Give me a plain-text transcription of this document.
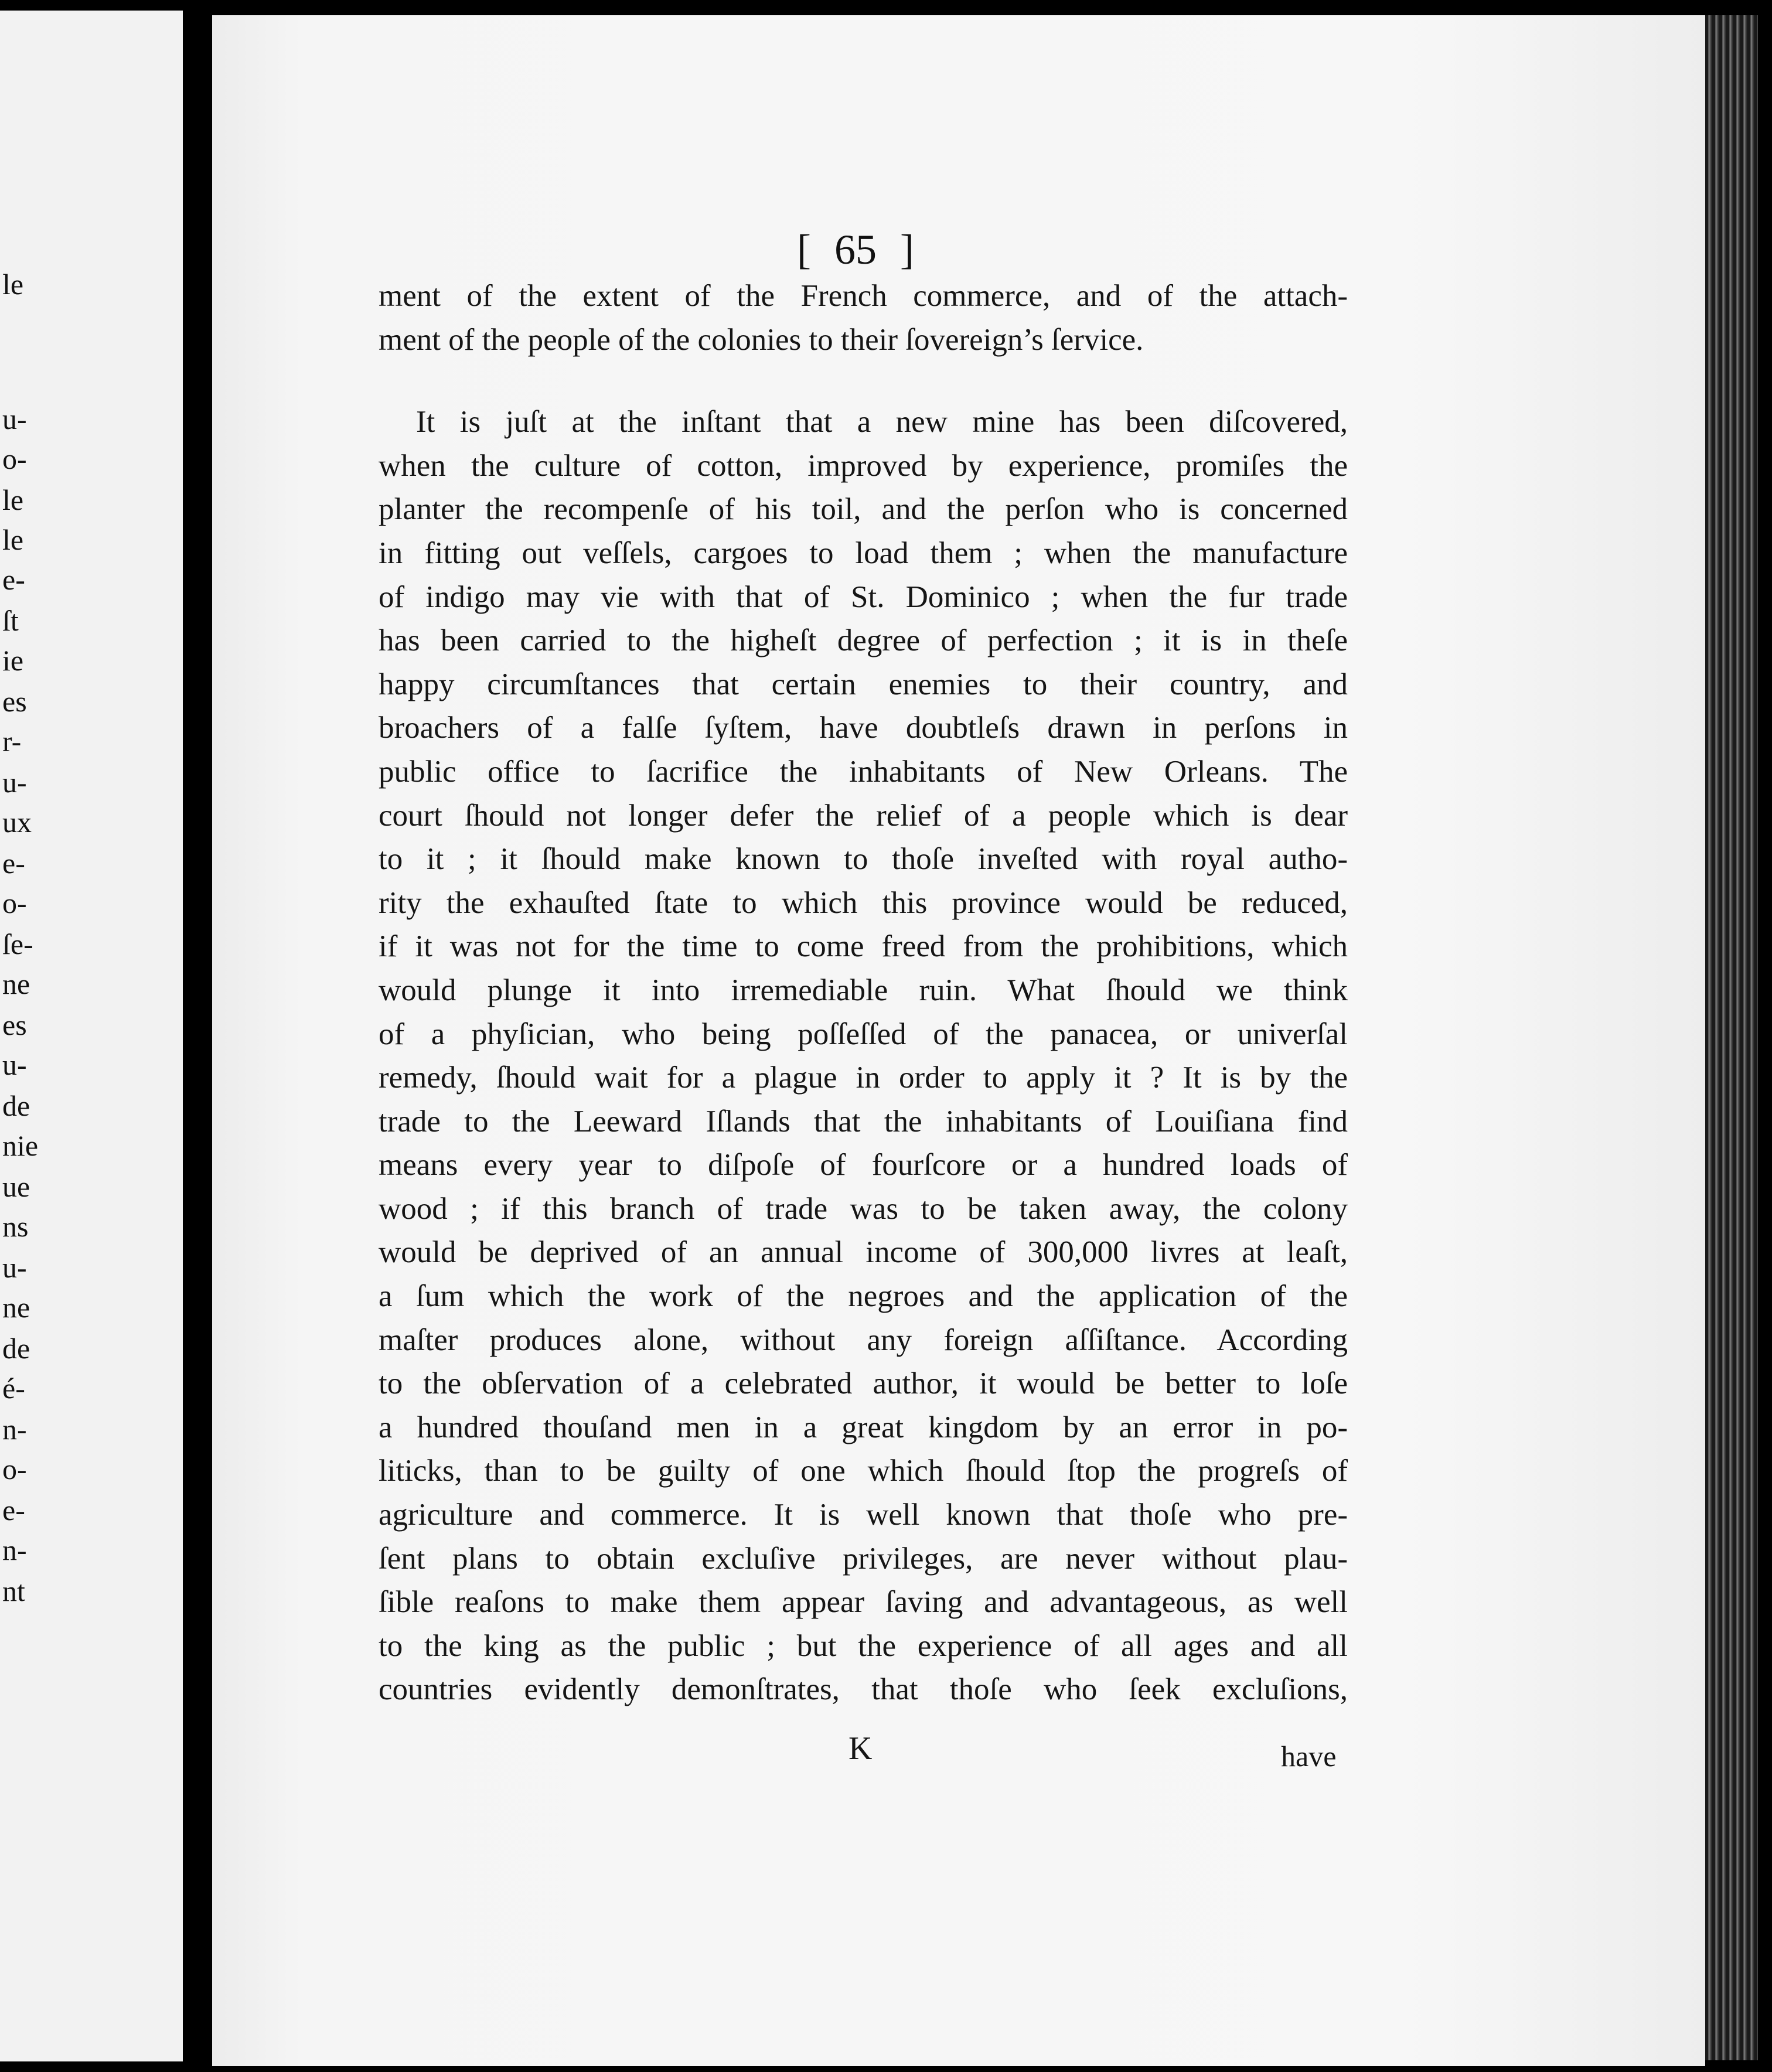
le
u-
o-
le
le
e-
ſt
ie
es
r-
u-
ux
e-
o-
ſe-
ne
es
u-
de
nie
ue
ns
u-
ne
de
é-
n-
o-
e-
n-
nt
[ 65 ]
ment of the extent of the French commerce, and of the attach-
ment of the people of the colonies to their ſovereign’s ſervice.
It is juſt at the inſtant that a new mine has been diſcovered,
when the culture of cotton, improved by experience, promiſes the
planter the recompenſe of his toil, and the perſon who is concerned
in fitting out veſſels, cargoes to load them ; when the manufacture
of indigo may vie with that of St. Dominico ; when the fur trade
has been carried to the higheſt degree of perfection ; it is in theſe
happy circumſtances that certain enemies to their country, and
broachers of a falſe ſyſtem, have doubtleſs drawn in perſons in
public office to ſacrifice the inhabitants of New Orleans. The
court ſhould not longer defer the relief of a people which is dear
to it ; it ſhould make known to thoſe inveſted with royal autho-
rity the exhauſted ſtate to which this province would be reduced,
if it was not for the time to come freed from the prohibitions, which
would plunge it into irremediable ruin. What ſhould we think
of a phyſician, who being poſſeſſed of the panacea, or univerſal
remedy, ſhould wait for a plague in order to apply it ? It is by the
trade to the Leeward Iſlands that the inhabitants of Louiſiana find
means every year to diſpoſe of fourſcore or a hundred loads of
wood ; if this branch of trade was to be taken away, the colony
would be deprived of an annual income of 300,000 livres at leaſt,
a ſum which the work of the negroes and the application of the
maſter produces alone, without any foreign aſſiſtance. According
to the obſervation of a celebrated author, it would be better to loſe
a hundred thouſand men in a great kingdom by an error in po-
liticks, than to be guilty of one which ſhould ſtop the progreſs of
agriculture and commerce. It is well known that thoſe who pre-
ſent plans to obtain excluſive privileges, are never without plau-
ſible reaſons to make them appear ſaving and advantageous, as well
to the king as the public ; but the experience of all ages and all
countries evidently demonſtrates, that thoſe who ſeek excluſions,
K	have
